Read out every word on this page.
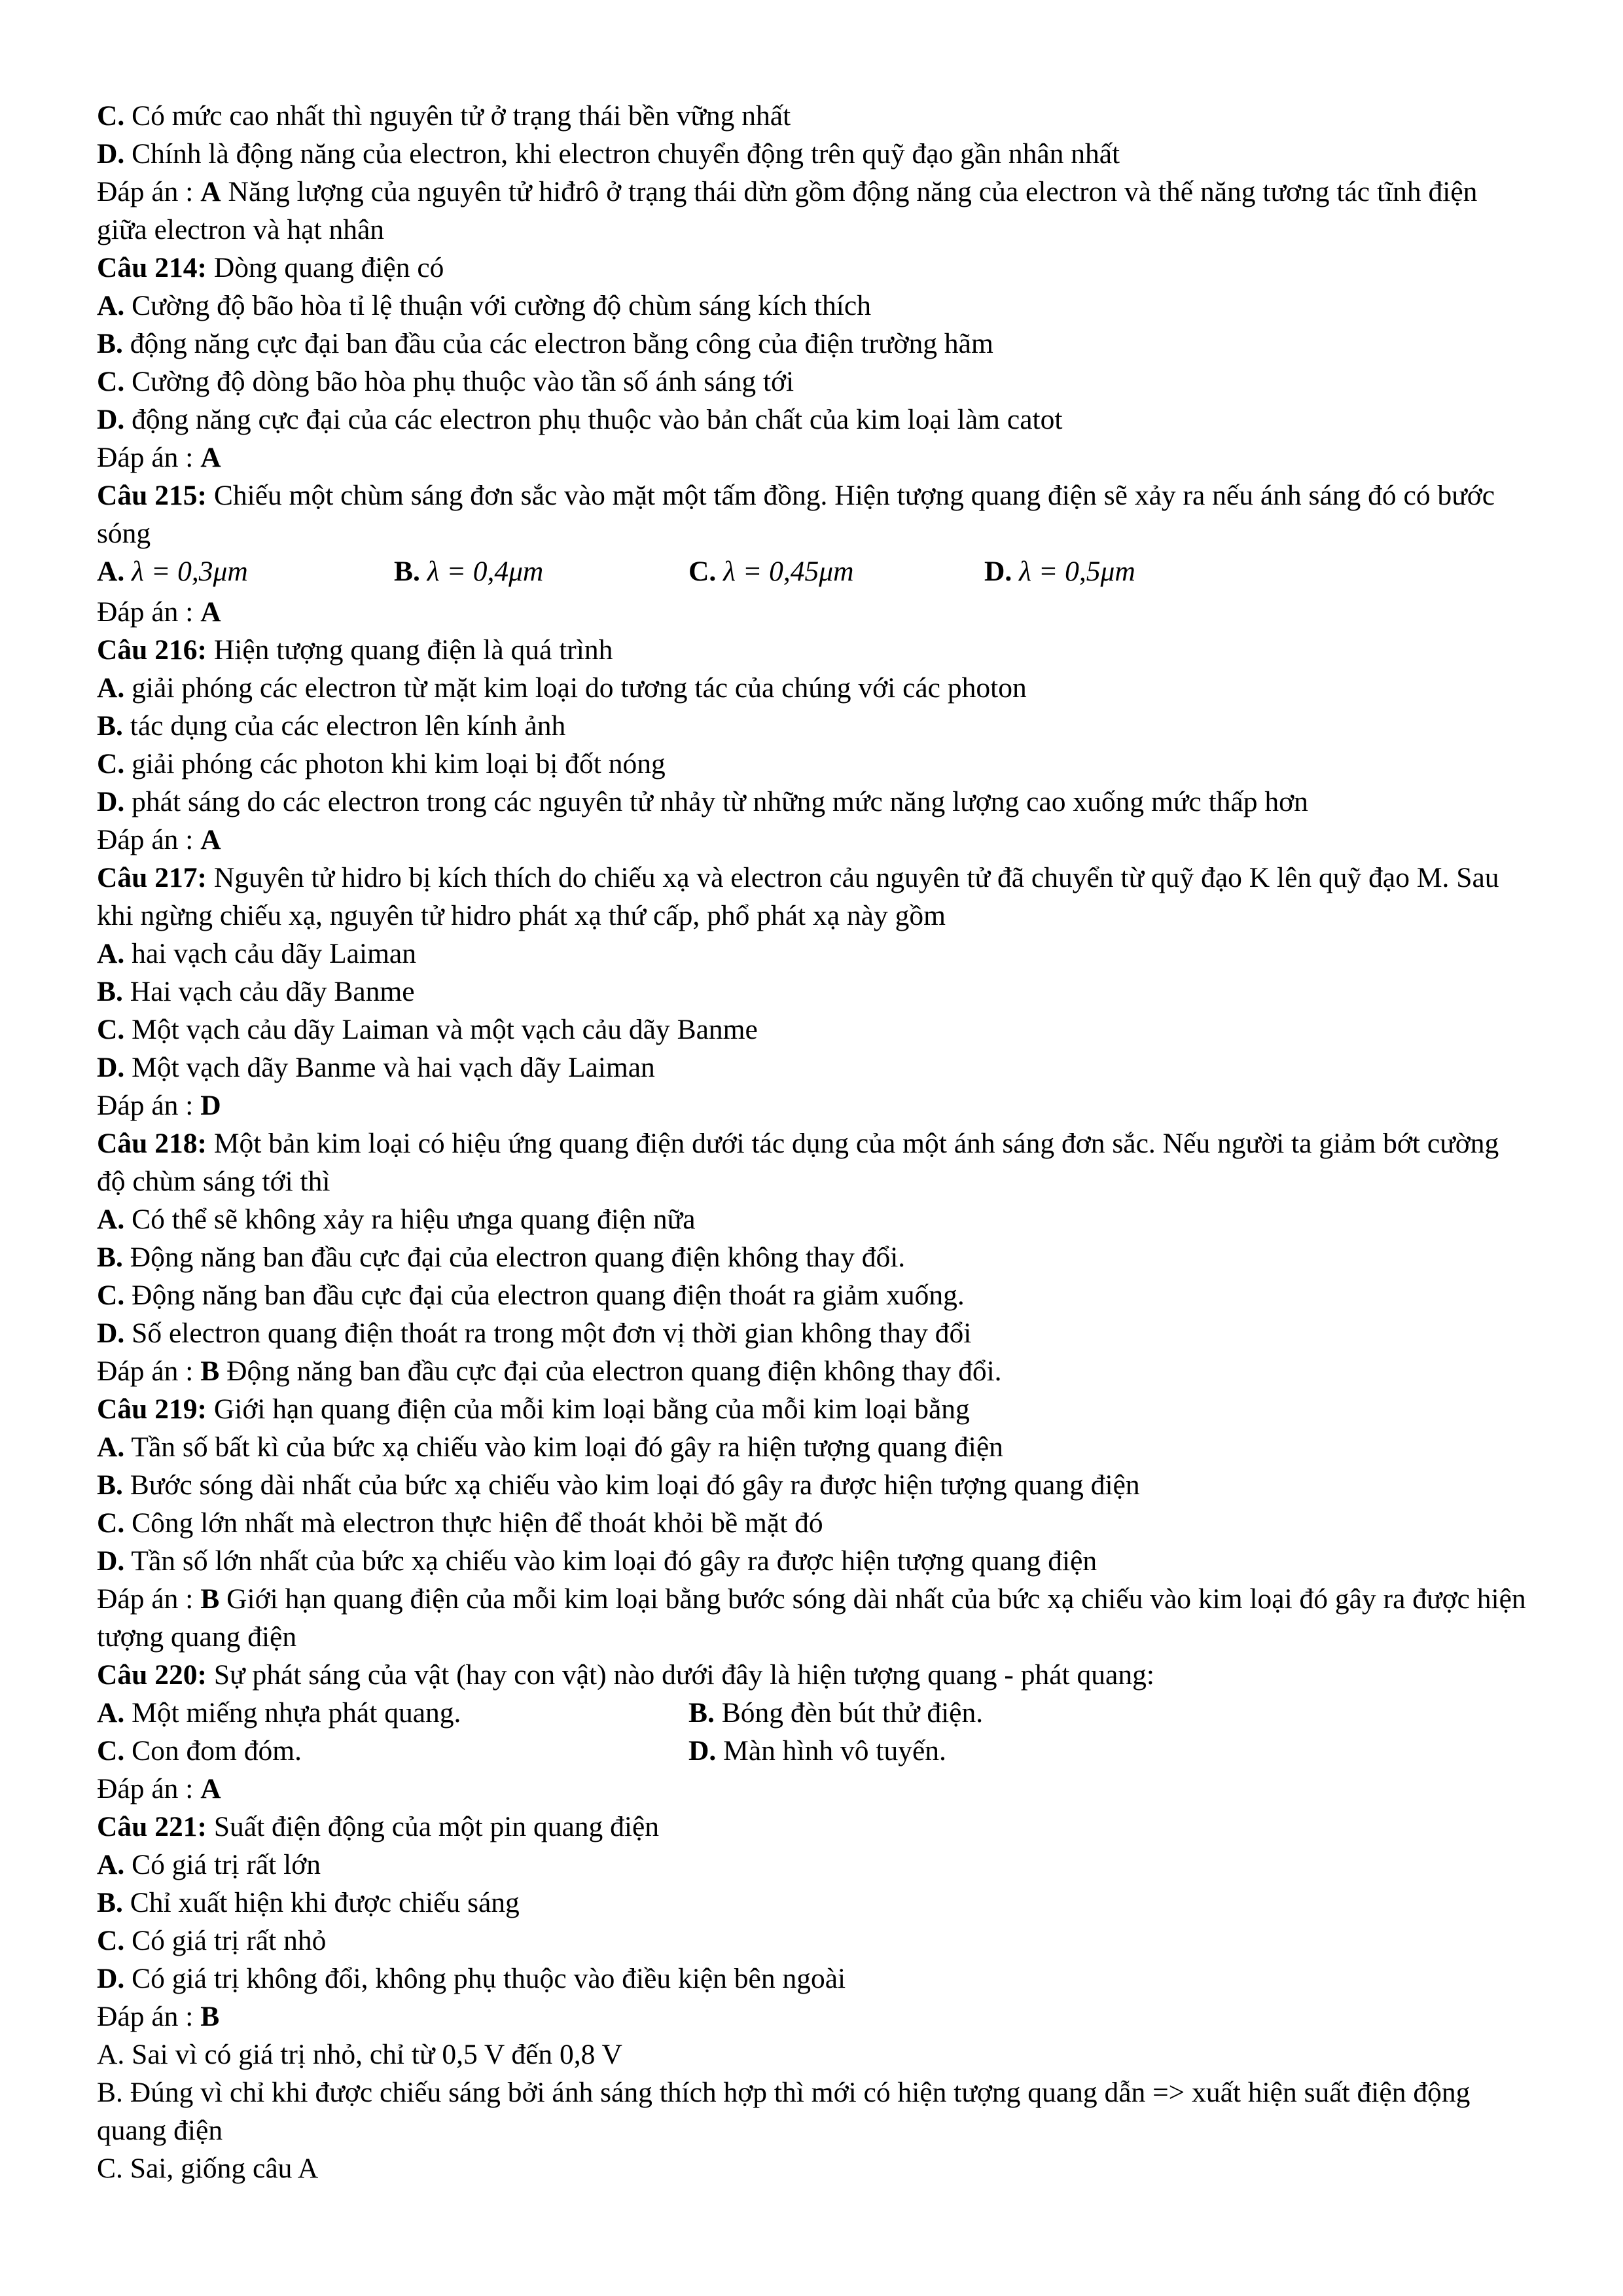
C. Có mức cao nhất thì nguyên tử ở trạng thái bền vững nhất
D. Chính là động năng của electron, khi electron chuyển động trên quỹ đạo gần nhân nhất
Đáp án : A Năng lượng của nguyên tử hiđrô ở trạng thái dừn gồm động năng của electron và thế năng tương tác tĩnh điện giữa electron và hạt nhân
Câu 214: Dòng quang điện có
A. Cường độ bão hòa tỉ lệ thuận với cường độ chùm sáng kích thích
B. động năng cực đại ban đầu của các electron bằng công của điện trường hãm
C. Cường độ dòng bão hòa phụ thuộc vào tần số ánh sáng tới
D. động năng cực đại của các electron phụ thuộc vào bản chất của kim loại làm catot
Đáp án : A
Câu 215: Chiếu một chùm sáng đơn sắc vào mặt một tấm đồng. Hiện tượng quang điện sẽ xảy ra nếu ánh sáng đó có bước sóng
A. λ = 0,3μm	B. λ = 0,4μm	C. λ = 0,45μm	D. λ = 0,5μm
Đáp án : A
Câu 216: Hiện tượng quang điện là quá trình
A. giải phóng các electron từ mặt kim loại do tương tác của chúng với các photon
B. tác dụng của các electron lên kính ảnh
C. giải phóng các photon khi kim loại bị đốt nóng
D. phát sáng do các electron trong các nguyên tử nhảy từ những mức năng lượng cao xuống mức thấp hơn
Đáp án : A
Câu 217: Nguyên tử hidro bị kích thích do chiếu xạ và electron cảu nguyên tử đã chuyển từ quỹ đạo K lên quỹ đạo M. Sau khi ngừng chiếu xạ, nguyên tử hidro phát xạ thứ cấp, phổ phát xạ này gồm
A. hai vạch cảu dãy Laiman
B. Hai vạch cảu dãy Banme
C. Một vạch cảu dãy Laiman và một vạch cảu dãy Banme
D. Một vạch dãy Banme và hai vạch dãy Laiman
Đáp án : D
Câu 218: Một bản kim loại có hiệu ứng quang điện dưới tác dụng của một ánh sáng đơn sắc. Nếu người ta giảm bớt cường độ chùm sáng tới thì
A. Có thể sẽ không xảy ra hiệu ưnga quang điện nữa
B. Động năng ban đầu cực đại của electron quang điện không thay đổi.
C. Động năng ban đầu cực đại của electron quang điện thoát ra giảm xuống.
D. Số electron quang điện thoát ra trong một đơn vị thời gian không thay đổi
Đáp án : B Động năng ban đầu cực đại của electron quang điện không thay đổi.
Câu 219: Giới hạn quang điện của mỗi kim loại bằng của mỗi kim loại bằng
A. Tần số bất kì của bức xạ chiếu vào kim loại đó gây ra hiện tượng quang điện
B. Bước sóng dài nhất của bức xạ chiếu vào kim loại đó gây ra được hiện tượng quang điện
C. Công lớn nhất mà electron thực hiện để thoát khỏi bề mặt đó
D. Tần số lớn nhất của bức xạ chiếu vào kim loại đó gây ra được hiện tượng quang điện
Đáp án : B Giới hạn quang điện của mỗi kim loại bằng bước sóng dài nhất của bức xạ chiếu vào kim loại đó gây ra được hiện tượng quang điện
Câu 220: Sự phát sáng của vật (hay con vật) nào dưới đây là hiện tượng quang - phát quang:
A. Một miếng nhựa phát quang.	B. Bóng đèn bút thử điện.
C. Con đom đóm.	D. Màn hình vô tuyến.
Đáp án : A
Câu 221: Suất điện động của một pin quang điện
A. Có giá trị rất lớn
B. Chỉ xuất hiện khi được chiếu sáng
C. Có giá trị rất nhỏ
D. Có giá trị không đổi, không phụ thuộc vào điều kiện bên ngoài
Đáp án : B
A. Sai vì có giá trị nhỏ, chỉ từ 0,5 V đến 0,8 V
B. Đúng vì chỉ khi được chiếu sáng bởi ánh sáng thích hợp thì mới có hiện tượng quang dẫn => xuất hiện suất điện động quang điện
C. Sai, giống câu A
